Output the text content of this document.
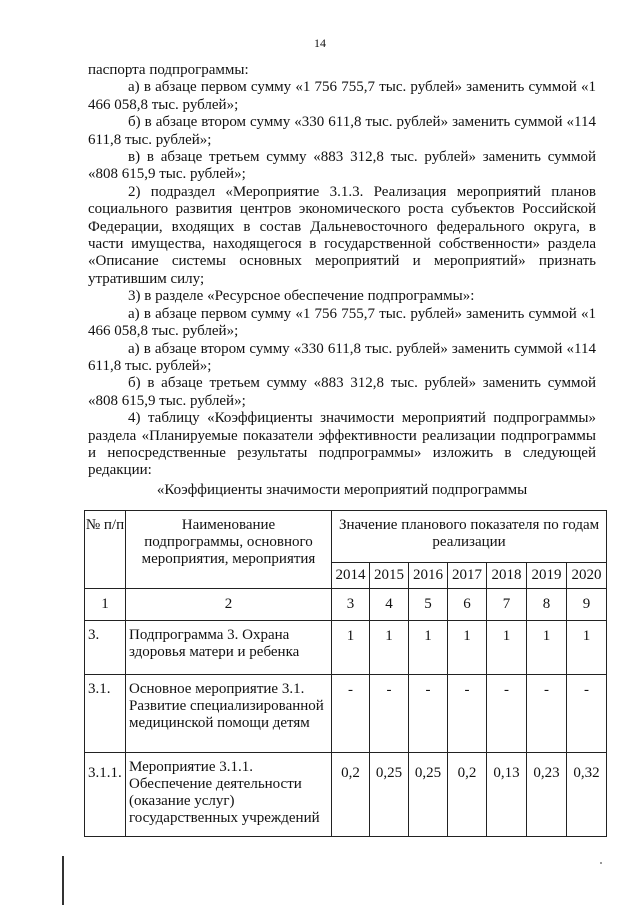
14

паспорта подпрограммы:

а) в абзаце первом сумму «1 756 755,7 тыс. рублей» заменить суммой «1 466 058,8 тыс. рублей»;

б) в абзаце втором сумму «330 611,8 тыс. рублей» заменить суммой «114 611,8 тыс. рублей»;

в) в абзаце третьем сумму «883 312,8 тыс. рублей» заменить суммой «808 615,9 тыс. рублей»;

2) подраздел «Мероприятие 3.1.3. Реализация мероприятий планов социального развития центров экономического роста субъектов Российской Федерации, входящих в состав Дальневосточного федерального округа, в части имущества, находящегося в государственной собственности» раздела «Описание системы основных мероприятий и мероприятий» признать утратившим силу;

3) в разделе «Ресурсное обеспечение подпрограммы»:

а) в абзаце первом сумму «1 756 755,7 тыс. рублей» заменить суммой «1 466 058,8 тыс. рублей»;

а) в абзаце втором сумму «330 611,8 тыс. рублей» заменить суммой «114 611,8 тыс. рублей»;

б) в абзаце третьем сумму «883 312,8 тыс. рублей» заменить суммой «808 615,9 тыс. рублей»;

4) таблицу «Коэффициенты значимости мероприятий подпрограммы» раздела «Планируемые показатели эффективности реализации подпрограммы и непосредственные результаты подпрограммы» изложить в следующей редакции:

«Коэффициенты значимости мероприятий подпрограммы
№ п/п	Наименование подпрограммы, основного мероприятия, мероприятия	Значение планового показателя по годам реализации						
		2014	2015	2016	2017	2018	2019	2020
1	2	3	4	5	6	7	8	9
3.	Подпрограмма 3. Охрана здоровья матери и ребенка	1	1	1	1	1	1	1
3.1.	Основное мероприятие 3.1. Развитие специализированной медицинской помощи детям	-	-	-	-	-	-	-
3.1.1.	Мероприятие 3.1.1. Обеспечение деятельности (оказание услуг) государственных учреждений	0,2	0,25	0,25	0,2	0,13	0,23	0,32
